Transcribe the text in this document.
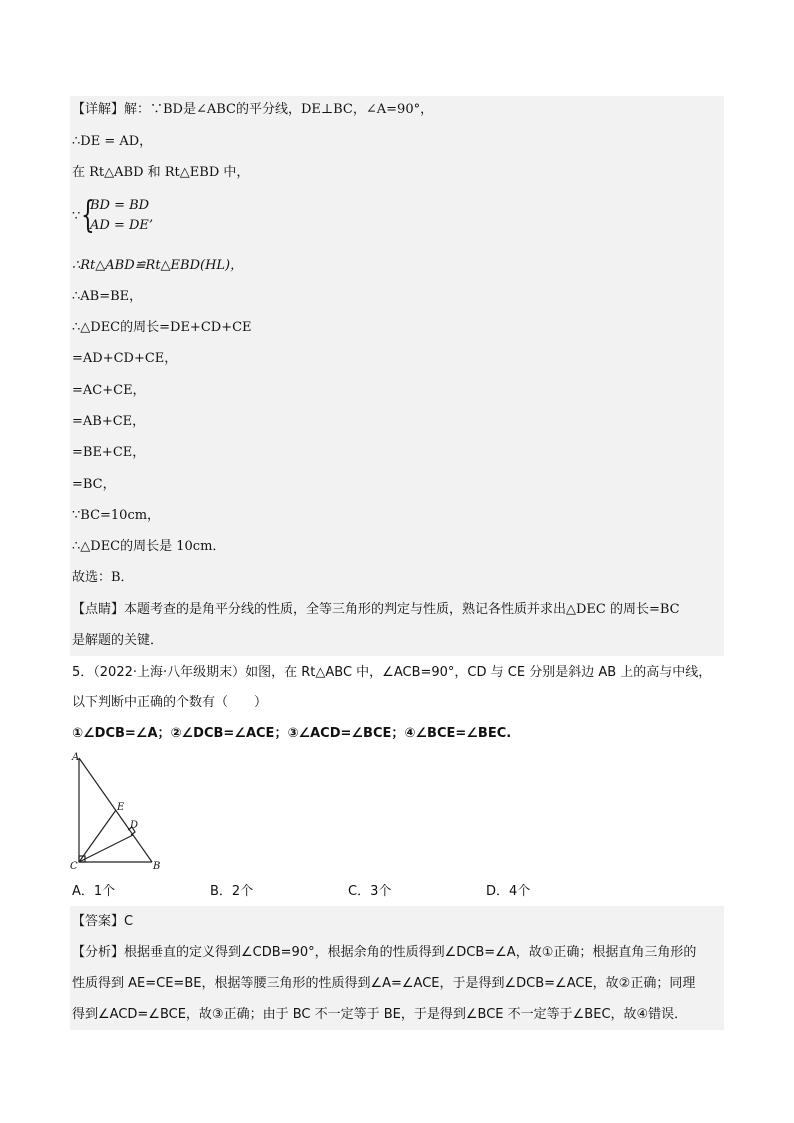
【详解】解：∵BD是∠ABC的平分线，DE⊥BC，∠A=90°，
∴DE = AD，
在 Rt△ABD 和 Rt△EBD 中，
∵ {
BD = BD
AD = DE’
∴Rt△ABD≌Rt△EBD(HL)，
∴AB=BE，
∴△DEC的周长=DE+CD+CE
=AD+CD+CE，
=AC+CE，
=AB+CE，
=BE+CE，
=BC，
∵BC=10cm，
∴△DEC的周长是 10cm．
故选：B．
【点睛】本题考查的是角平分线的性质，全等三角形的判定与性质，熟记各性质并求出△DEC 的周长=BC
是解题的关键．
5．（2022·上海·八年级期末）如图，在 Rt△ABC 中，∠ACB=90°，CD 与 CE 分别是斜边 AB 上的高与中线，
以下判断中正确的个数有（　　）
①∠DCB=∠A；②∠DCB=∠ACE；③∠ACD=∠BCE；④∠BCE=∠BEC.
A
E
D
C	B
A．1个	B．2个	C．3个	D．4个
【答案】C
【分析】根据垂直的定义得到∠CDB=90°，根据余角的性质得到∠DCB=∠A，故①正确；根据直角三角形的
性质得到 AE=CE=BE，根据等腰三角形的性质得到∠A=∠ACE，于是得到∠DCB=∠ACE，故②正确；同理
得到∠ACD=∠BCE，故③正确；由于 BC 不一定等于 BE，于是得到∠BCE 不一定等于∠BEC，故④错误．
